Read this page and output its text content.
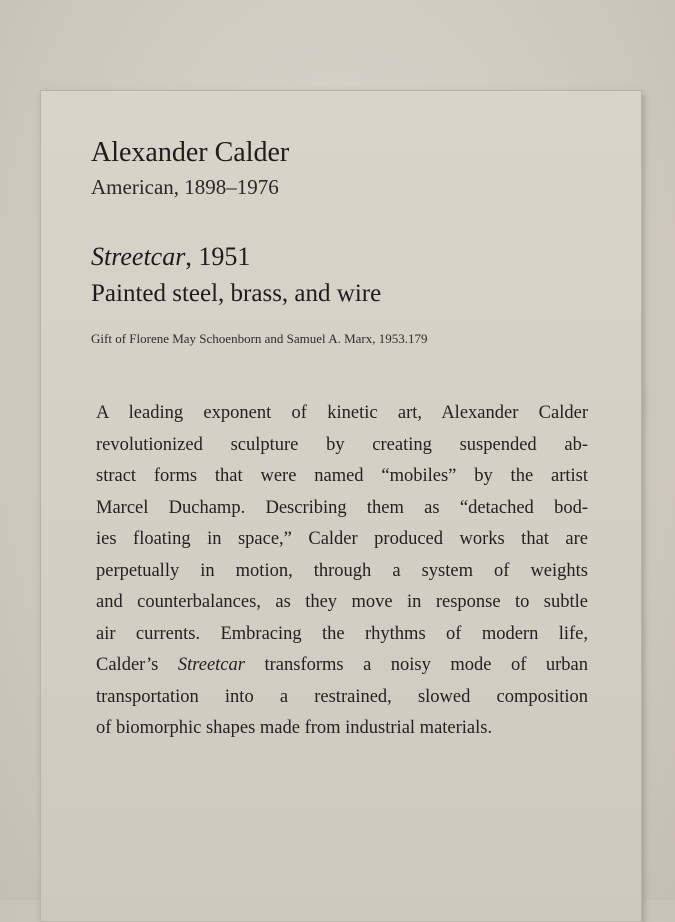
Alexander Calder

American, 1898–1976

Streetcar, 1951

Painted steel, brass, and wire

Gift of Florene May Schoenborn and Samuel A. Marx, 1953.179

A leading exponent of kinetic art, Alexander Calder
revolutionized sculpture by creating suspended ab-
stract forms that were named “mobiles” by the artist
Marcel Duchamp. Describing them as “detached bod-
ies floating in space,” Calder produced works that are
perpetually in motion, through a system of weights
and counterbalances, as they move in response to subtle
air currents. Embracing the rhythms of modern life,
Calder’s Streetcar transforms a noisy mode of urban
transportation into a restrained, slowed composition
of biomorphic shapes made from industrial materials.
